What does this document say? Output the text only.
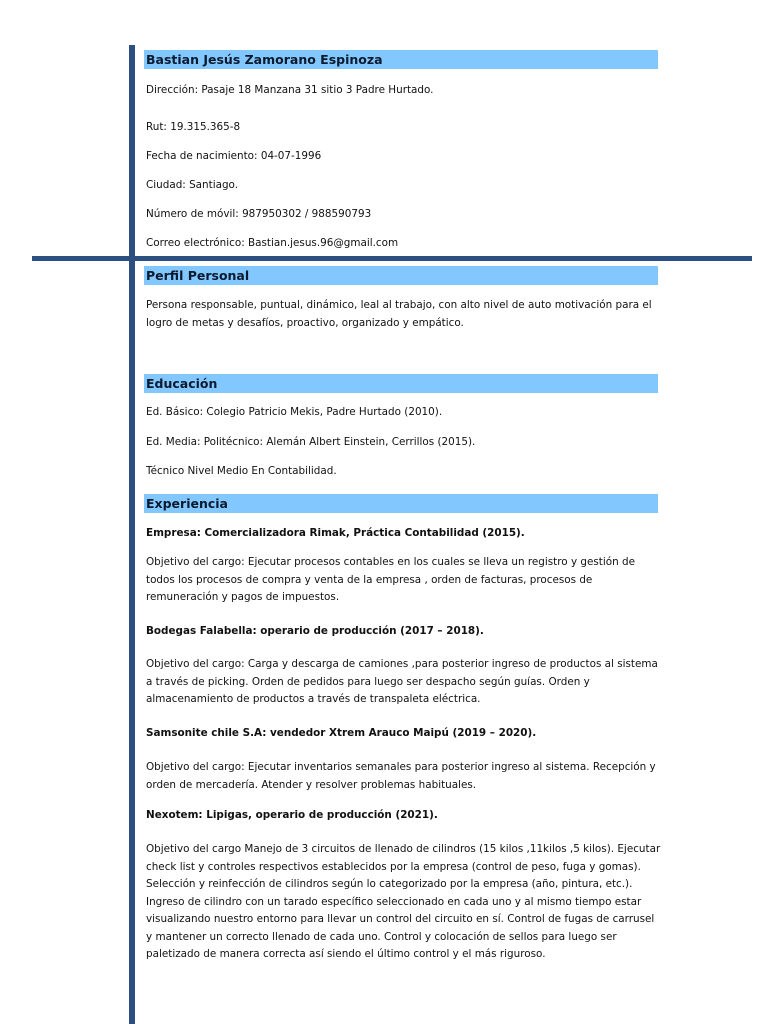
Bastian Jesús Zamorano Espinoza
Dirección: Pasaje 18 Manzana 31 sitio 3 Padre Hurtado.
Rut: 19.315.365-8
Fecha de nacimiento: 04-07-1996
Ciudad: Santiago.
Número de móvil: 987950302 / 988590793
Correo electrónico: Bastian.jesus.96@gmail.com
Perfil Personal
Persona responsable, puntual, dinámico, leal al trabajo, con alto nivel de auto motivación para el logro de metas y desafíos, proactivo, organizado y empático.
Educación
Ed. Básico: Colegio Patricio Mekis, Padre Hurtado (2010).
Ed. Media: Politécnico: Alemán Albert Einstein, Cerrillos (2015).
Técnico Nivel Medio En Contabilidad.
Experiencia
Empresa: Comercializadora Rimak, Práctica Contabilidad (2015).
Objetivo del cargo: Ejecutar procesos contables en los cuales se lleva un registro y gestión de todos los procesos de compra y venta de la empresa , orden de facturas, procesos de remuneración y pagos de impuestos.
Bodegas Falabella: operario de producción (2017 – 2018).
Objetivo del cargo: Carga y descarga de camiones ,para posterior ingreso de productos al sistema a través de picking. Orden de pedidos para luego ser despacho según guías. Orden y almacenamiento de productos a través de transpaleta eléctrica.
Samsonite chile S.A: vendedor Xtrem Arauco Maipú (2019 – 2020).
Objetivo del cargo: Ejecutar inventarios semanales para posterior ingreso al sistema. Recepción y orden de mercadería. Atender y resolver problemas habituales.
Nexotem: Lipigas, operario de producción (2021).
Objetivo del cargo Manejo de 3 circuitos de llenado de cilindros (15 kilos ,11kilos ,5 kilos). Ejecutar check list y controles respectivos establecidos por la empresa (control de peso, fuga y gomas). Selección y reinfección de cilindros según lo categorizado por la empresa (año, pintura, etc.). Ingreso de cilindro con un tarado específico seleccionado en cada uno y al mismo tiempo estar visualizando nuestro entorno para llevar un control del circuito en sí. Control de fugas de carrusel y mantener un correcto llenado de cada uno. Control y colocación de sellos para luego ser paletizado de manera correcta así siendo el último control y el más riguroso.
